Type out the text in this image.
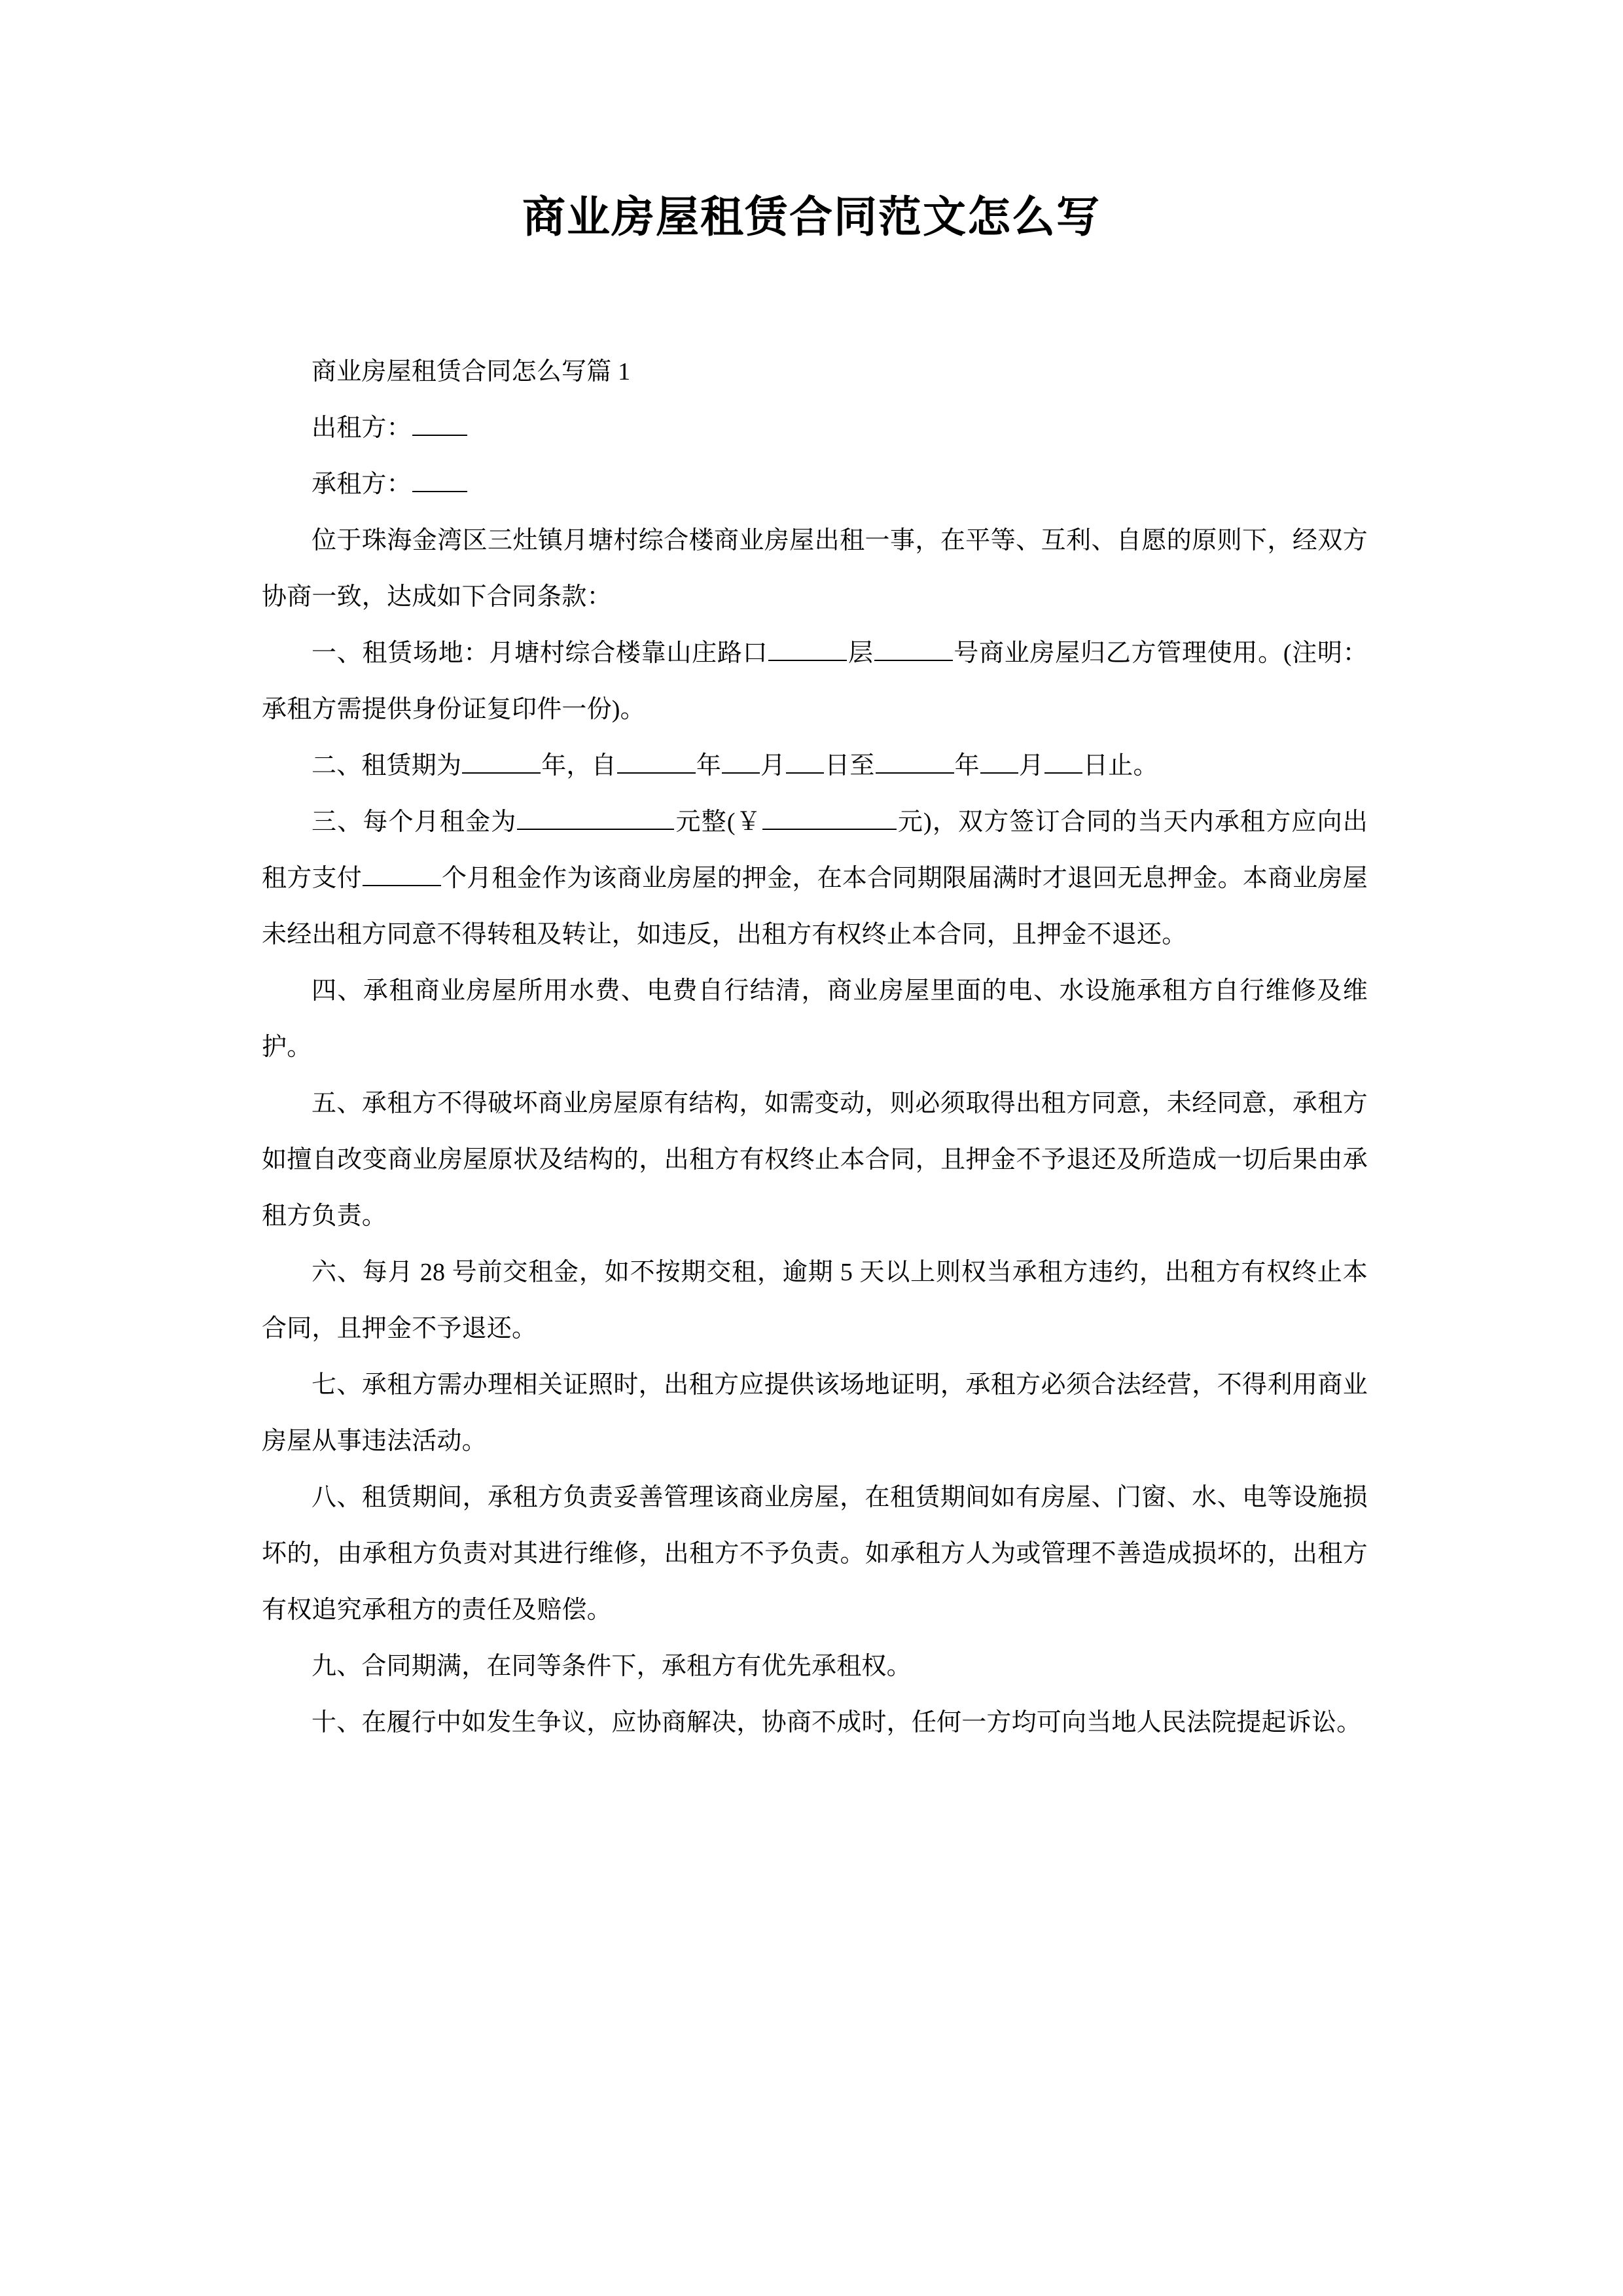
商业房屋租赁合同范文怎么写

商业房屋租赁合同怎么写篇 1

出租方：

承租方：

位于珠海金湾区三灶镇月塘村综合楼商业房屋出租一事，在平等、互利、自愿的原则下，经双方协商一致，达成如下合同条款：

一、租赁场地：月塘村综合楼靠山庄路口	层	号商业房屋归乙方管理使用。(注明：承租方需提供身份证复印件一份)。

二、租赁期为	年，自	年 月 日至	年 月 日止。

三、每个月租金为	元整(￥	元)，双方签订合同的当天内承租方应向出租方支付	个月租金作为该商业房屋的押金，在本合同期限届满时才退回无息押金。本商业房屋未经出租方同意不得转租及转让，如违反，出租方有权终止本合同，且押金不退还。

四、承租商业房屋所用水费、电费自行结清，商业房屋里面的电、水设施承租方自行维修及维护。

五、承租方不得破坏商业房屋原有结构，如需变动，则必须取得出租方同意，未经同意，承租方如擅自改变商业房屋原状及结构的，出租方有权终止本合同，且押金不予退还及所造成一切后果由承租方负责。

六、每月 28 号前交租金，如不按期交租，逾期 5 天以上则权当承租方违约，出租方有权终止本合同，且押金不予退还。

七、承租方需办理相关证照时，出租方应提供该场地证明，承租方必须合法经营，不得利用商业房屋从事违法活动。

八、租赁期间，承租方负责妥善管理该商业房屋，在租赁期间如有房屋、门窗、水、电等设施损坏的，由承租方负责对其进行维修，出租方不予负责。如承租方人为或管理不善造成损坏的，出租方有权追究承租方的责任及赔偿。

九、合同期满，在同等条件下，承租方有优先承租权。

十、在履行中如发生争议，应协商解决，协商不成时，任何一方均可向当地人民法院提起诉讼。
